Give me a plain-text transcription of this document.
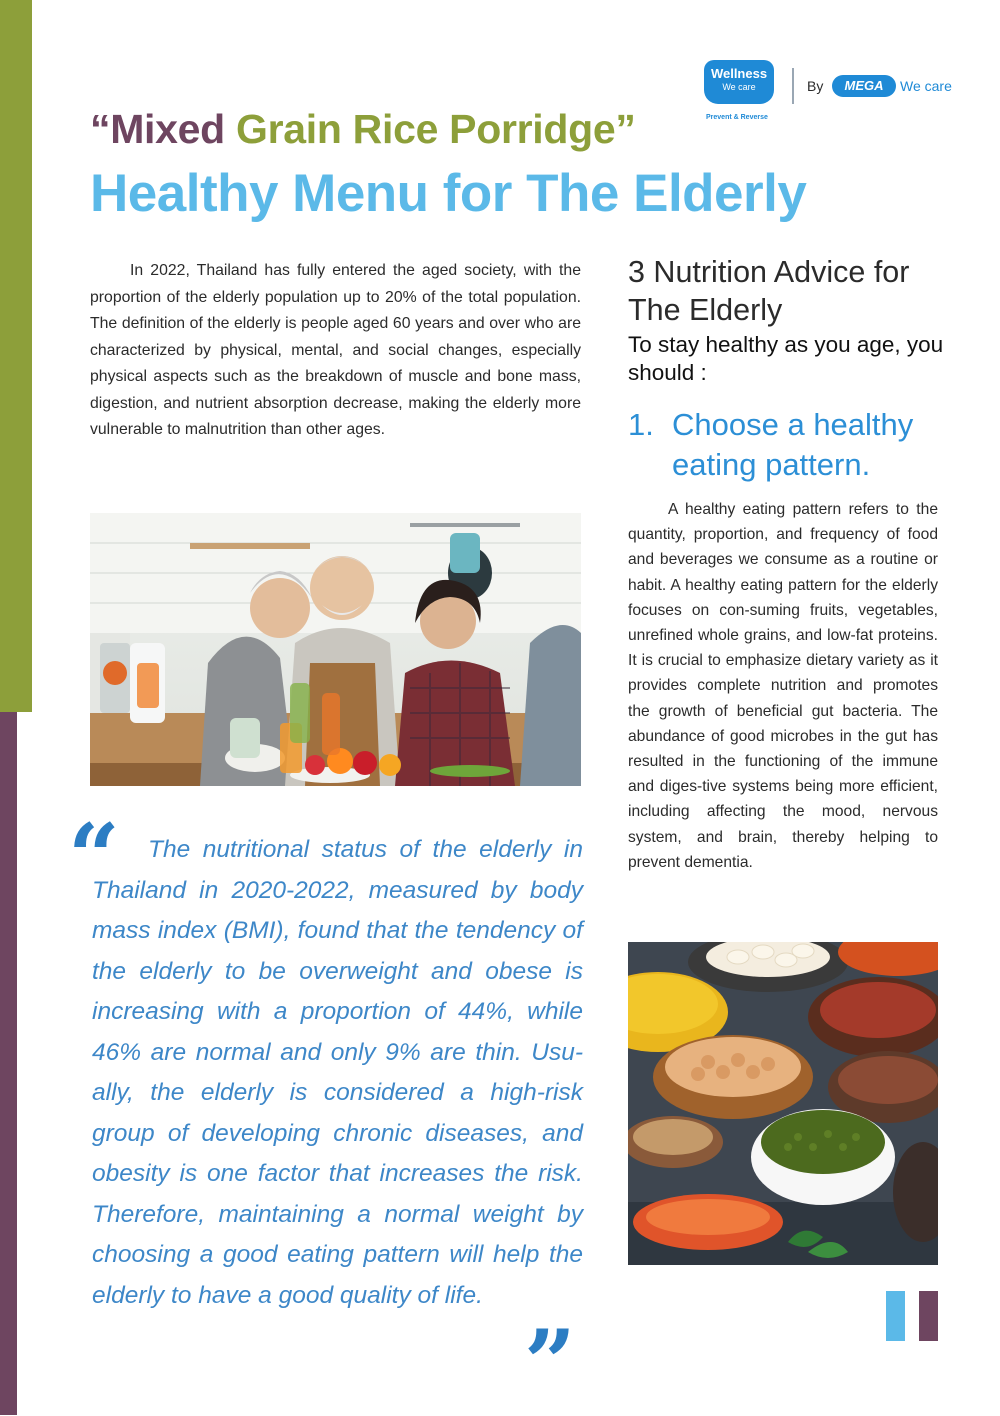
Wellness
We care
Prevent & Reverse
By	MEGA	We care
“Mixed Grain Rice Porridge”
Healthy Menu for The Elderly

In 2022, Thailand has fully entered the aged society, with the proportion of the elderly population up to 20% of the total population. The definition of the elderly is people aged 60 years and over who are characterized by physical, mental, and social changes, especially physical aspects such as the breakdown of muscle and bone mass, digestion, and nutrient absorption decrease, making the elderly more vulnerable to malnutrition than other ages.

“	The nutritional status of the elderly in Thailand in 2020-2022, measured by body mass index (BMI), found that the tendency of the elderly to be overweight and obese is increasing with a proportion of 44%, while 46% are normal and only 9% are thin. Usu-ally, the elderly is considered a high-risk group of developing chronic diseases, and obesity is one factor that increases the risk. Therefore, maintaining a normal weight by choosing a good eating pattern will help the elderly to have a good quality of life.

”
3 Nutrition Advice for The Elderly
To stay healthy as you age, you should :
1. Choose a healthy eating pattern.

A healthy eating pattern refers to the quantity, proportion, and frequency of food and beverages we consume as a routine or habit. A healthy eating pattern for the elderly focuses on con-suming fruits, vegetables, unrefined whole grains, and low-fat proteins. It is crucial to emphasize dietary variety as it provides complete nutrition and promotes the growth of beneficial gut bacteria. The abundance of good microbes in the gut has resulted in the functioning of the immune and diges-tive systems being more efficient, including affecting the mood, nervous system, and brain, thereby helping to prevent dementia.
